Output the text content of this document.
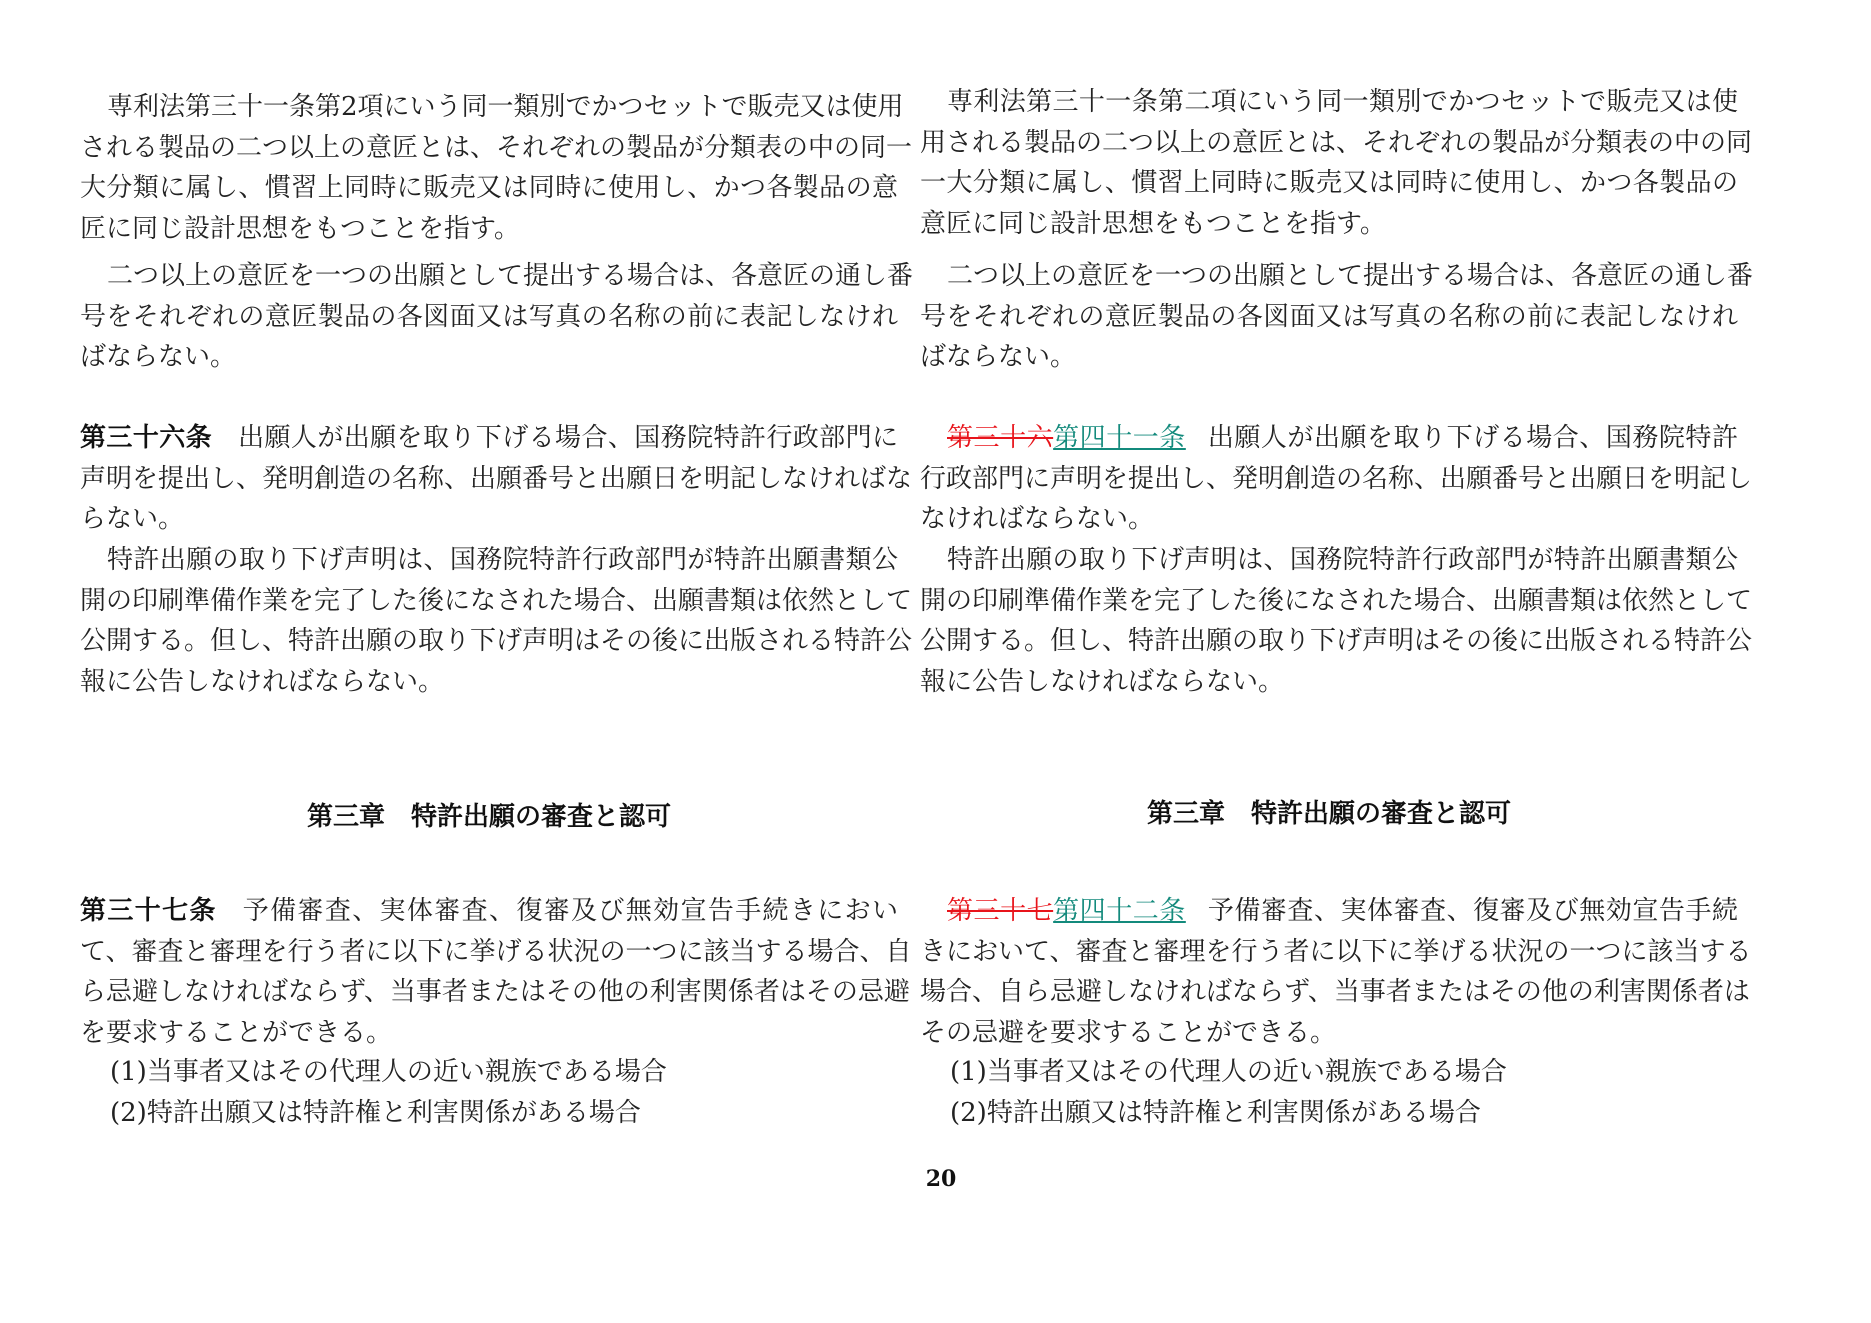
専利法第三十一条第2項にいう同一類別でかつセットで販売又は使用
される製品の二つ以上の意匠とは、それぞれの製品が分類表の中の同一
大分類に属し、慣習上同時に販売又は同時に使用し、かつ各製品の意
匠に同じ設計思想をもつことを指す。
二つ以上の意匠を一つの出願として提出する場合は、各意匠の通し番
号をそれぞれの意匠製品の各図面又は写真の名称の前に表記しなけれ
ばならない。
第三十六条 出願人が出願を取り下げる場合、国務院特許行政部門に
声明を提出し、発明創造の名称、出願番号と出願日を明記しなければな
らない。
特許出願の取り下げ声明は、国務院特許行政部門が特許出願書類公
開の印刷準備作業を完了した後になされた場合、出願書類は依然として
公開する。但し、特許出願の取り下げ声明はその後に出版される特許公
報に公告しなければならない。
第三十七条 予備審査、実体審査、復審及び無効宣告手続きにおい
て、審査と審理を行う者に以下に挙げる状況の一つに該当する場合、自
ら忌避しなければならず、当事者またはその他の利害関係者はその忌避
を要求することができる。
第三章　特許出願の審査と認可
(1)当事者又はその代理人の近い親族である場合
(2)特許出願又は特許権と利害関係がある場合
専利法第三十一条第二項にいう同一類別でかつセットで販売又は使
用される製品の二つ以上の意匠とは、それぞれの製品が分類表の中の同
一大分類に属し、慣習上同時に販売又は同時に使用し、かつ各製品の
意匠に同じ設計思想をもつことを指す。
二つ以上の意匠を一つの出願として提出する場合は、各意匠の通し番
号をそれぞれの意匠製品の各図面又は写真の名称の前に表記しなけれ
ばならない。
第三十六第四十一条 出願人が出願を取り下げる場合、国務院特許
行政部門に声明を提出し、発明創造の名称、出願番号と出願日を明記し
なければならない。
特許出願の取り下げ声明は、国務院特許行政部門が特許出願書類公
開の印刷準備作業を完了した後になされた場合、出願書類は依然として
公開する。但し、特許出願の取り下げ声明はその後に出版される特許公
報に公告しなければならない。
第三十七第四十二条 予備審査、実体審査、復審及び無効宣告手続
きにおいて、審査と審理を行う者に以下に挙げる状況の一つに該当する
場合、自ら忌避しなければならず、当事者またはその他の利害関係者は
その忌避を要求することができる。
第三章　特許出願の審査と認可
(1)当事者又はその代理人の近い親族である場合
(2)特許出願又は特許権と利害関係がある場合
20
